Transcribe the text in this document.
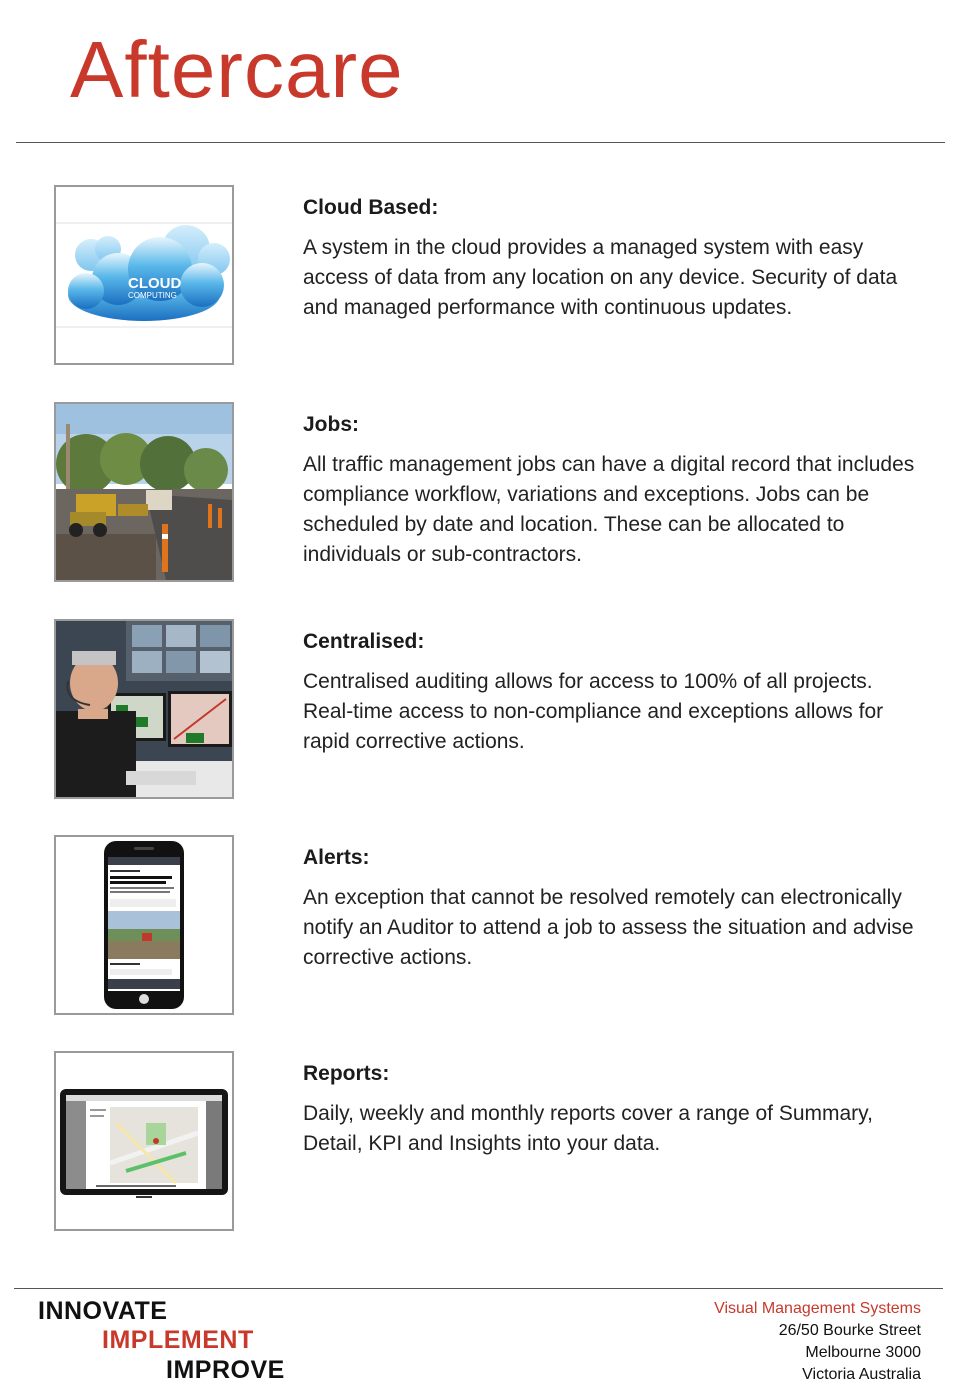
Aftercare
CLOUD
COMPUTING
Cloud Based:
A system in the cloud provides a managed system with easy access of data from any location on any device. Security of data and managed performance with continuous updates.
Jobs:
All traffic management jobs can have a digital record that includes compliance workflow, variations and exceptions. Jobs can be scheduled by date and location. These can be allocated to individuals or sub-contractors.
Centralised:
Centralised auditing allows for access to 100% of all projects. Real-time access to non-compliance and exceptions allows for rapid corrective actions.
Alerts:
An exception that cannot be resolved remotely can electronically notify an Auditor to attend a job to assess the situation and advise corrective actions.
Reports:
Daily, weekly and monthly reports cover a range of Summary, Detail, KPI and Insights into your data.
INNOVATE
IMPLEMENT
IMPROVE
Visual Management Systems
26/50 Bourke Street
Melbourne 3000
Victoria Australia
